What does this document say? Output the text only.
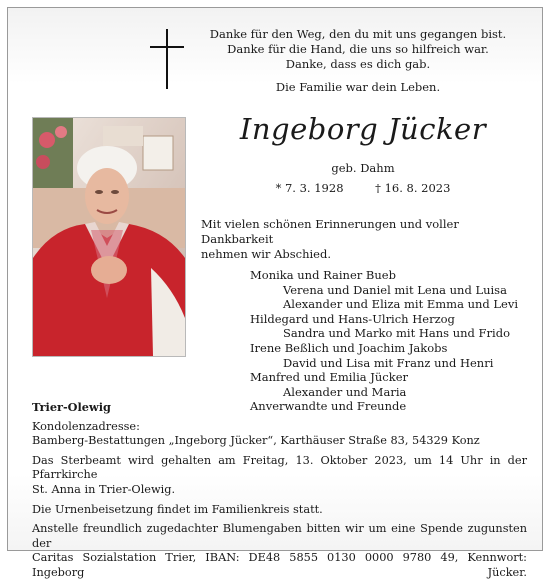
Danke für den Weg, den du mit uns gegangen bist.
Danke für die Hand, die uns so hilfreich war.
Danke, dass es dich gab.
Die Familie war dein Leben.
Ingeborg Jücker
geb. Dahm
* 7. 3. 1928	† 16. 8. 2023
Mit vielen schönen Erinnerungen und voller Dankbarkeit
nehmen wir Abschied.
Monika und Rainer Bueb
Verena und Daniel mit Lena und Luisa
Alexander und Eliza mit Emma und Levi
Hildegard und Hans-Ulrich Herzog
Sandra und Marko mit Hans und Frido
Irene Beßlich und Joachim Jakobs
David und Lisa mit Franz und Henri
Manfred und Emilia Jücker
Alexander und Maria
Anverwandte und Freunde

Trier-Olewig

Kondolenzadresse:

Bamberg-Bestattungen „Ingeborg Jücker“, Karthäuser Straße 83, 54329 Konz

Das Sterbeamt wird gehalten am Freitag, 13. Oktober 2023, um 14 Uhr in der Pfarrkirche

St. Anna in Trier-Olewig.

Die Urnenbeisetzung findet im Familienkreis statt.

Anstelle freundlich zugedachter Blumengaben bitten wir um eine Spende zugunsten der

Caritas Sozialstation Trier, IBAN: DE48 5855 0130 0000 9780 49, Kennwort: Ingeborg Jücker.
